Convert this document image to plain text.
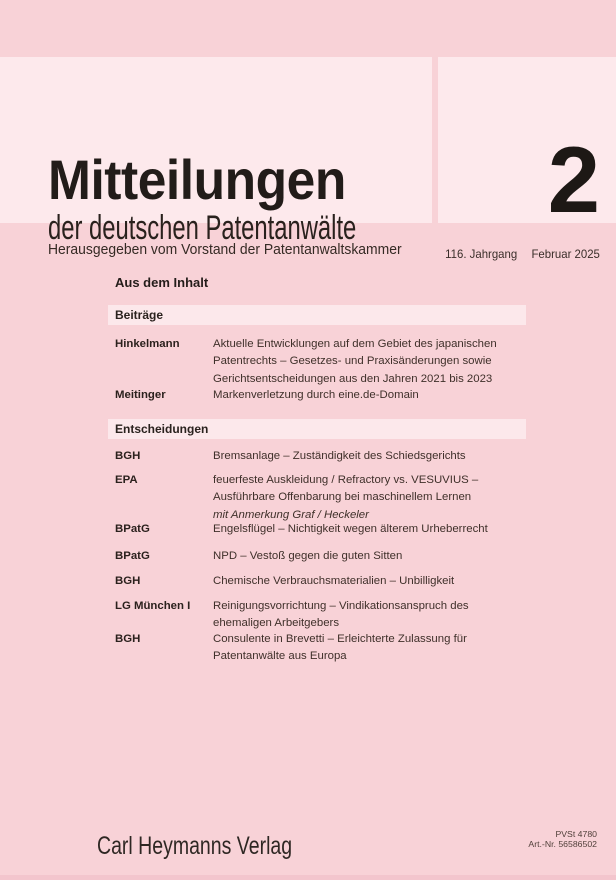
Mitteilungen
der deutschen Patentanwälte
Herausgegeben vom Vorstand der Patentanwaltskammer
2
116. Jahrgang Februar 2025
Aus dem Inhalt
Beiträge
Hinkelmann	Aktuelle Entwicklungen auf dem Gebiet des japanischen
Patentrechts – Gesetzes- und Praxisänderungen sowie
Gerichtsentscheidungen aus den Jahren 2021 bis 2023
Meitinger	Markenverletzung durch eine.de-Domain
Entscheidungen
BGH	Bremsanlage – Zuständigkeit des Schiedsgerichts
EPA	feuerfeste Auskleidung / Refractory vs. VESUVIUS –
Ausführbare Offenbarung bei maschinellem Lernen
mit Anmerkung Graf / Heckeler
BPatG	Engelsflügel – Nichtigkeit wegen älterem Urheberrecht
BPatG	NPD – Vestoß gegen die guten Sitten
BGH	Chemische Verbrauchsmaterialien – Unbilligkeit
LG München I	Reinigungsvorrichtung – Vindikationsanspruch des
ehemaligen Arbeitgebers
BGH	Consulente in Brevetti – Erleichterte Zulassung für
Patentanwälte aus Europa
Carl Heymanns Verlag	PVSt 4780
Art.-Nr. 56586502
